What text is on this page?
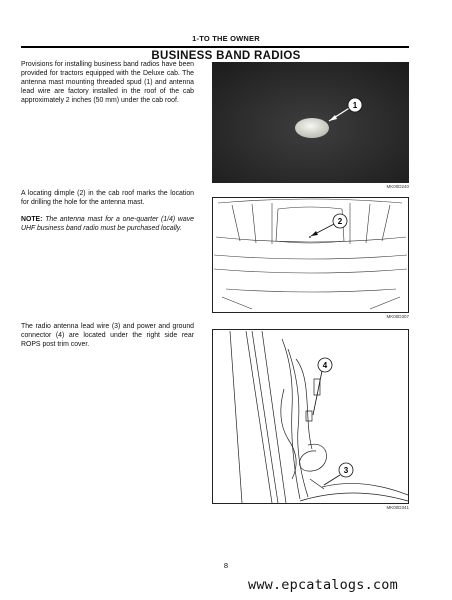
1-TO THE OWNER
BUSINESS BAND RADIOS
Provisions for installing business band radios have been provided for tractors equipped with the Deluxe cab. The antenna mast mounting threaded spud (1) and antenna lead wire are factory installed in the roof of the cab approximately 2 inches (50 mm) under the cab roof.
A locating dimple (2) in the cab roof marks the location for drilling the hole for the antenna mast.
NOTE: The antenna mast for a one-quarter (1/4) wave UHF business band radio must be purchased locally.
The radio antenna lead wire (3) and power and ground connector (4) are located under the right side rear ROPS post trim cover.
1
MK00D240
2
MK00D307
4
3
MK00D341
8
www.epcatalogs.com
